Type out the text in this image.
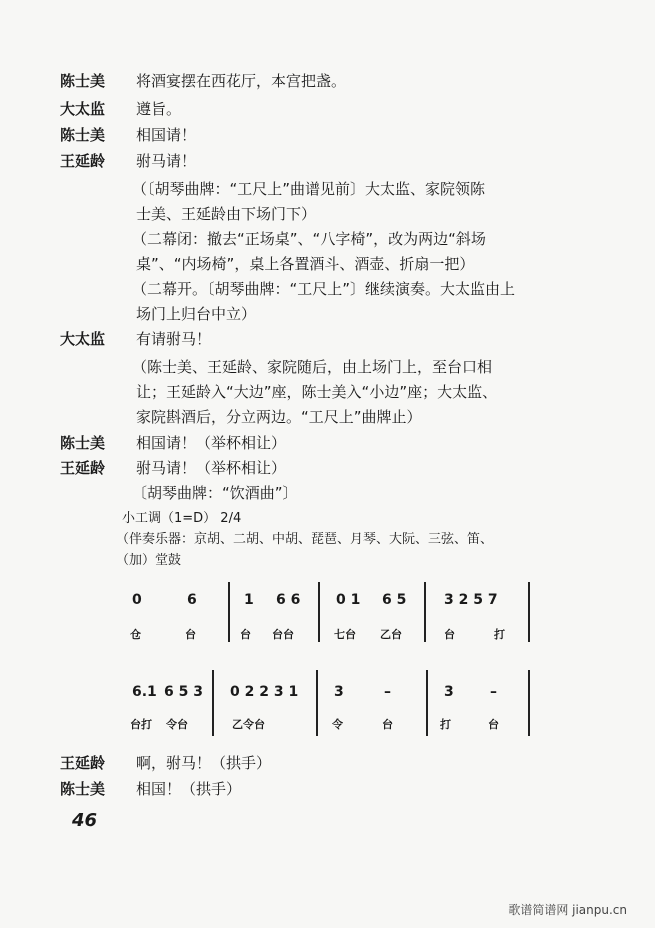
陈士美 将酒宴摆在西花厅，本宫把盏。
大太监 遵旨。
陈士美 相国请！
王延龄 驸马请！
（〔胡琴曲牌：“工尺上”曲谱见前〕大太监、家院领陈
士美、王延龄由下场门下）
（二幕闭：撤去“正场桌”、“八字椅”，改为两边“斜场
桌”、“内场椅”，桌上各置酒斗、酒壶、折扇一把）
（二幕开。〔胡琴曲牌：“工尺上”〕继续演奏。大太监由上
场门上归台中立）
大太监 有请驸马！
（陈士美、王延龄、家院随后，由上场门上，至台口相
让；王延龄入“大边”座，陈士美入“小边”座；大太监、
家院斟酒后，分立两边。“工尺上”曲牌止）
陈士美 相国请！（举杯相让）
王延龄 驸马请！（举杯相让）
〔胡琴曲牌：“饮酒曲”〕
小工调（1=D） 2/4
（伴奏乐器：京胡、二胡、中胡、琵琶、月琴、大阮、三弦、笛、
（加）堂鼓
0	6	1 6 6	0 1 6 5	3 2 5 7
仓	台	台 台台	七台 乙台	台	打
6.1 6 5 3 0 2 2 3 1	3	–	3	–
台打 令台	乙令台	令	台	打	台
王延龄 啊，驸马！（拱手）
陈士美 相国！（拱手）
46
歌谱简谱网 jianpu.cn
